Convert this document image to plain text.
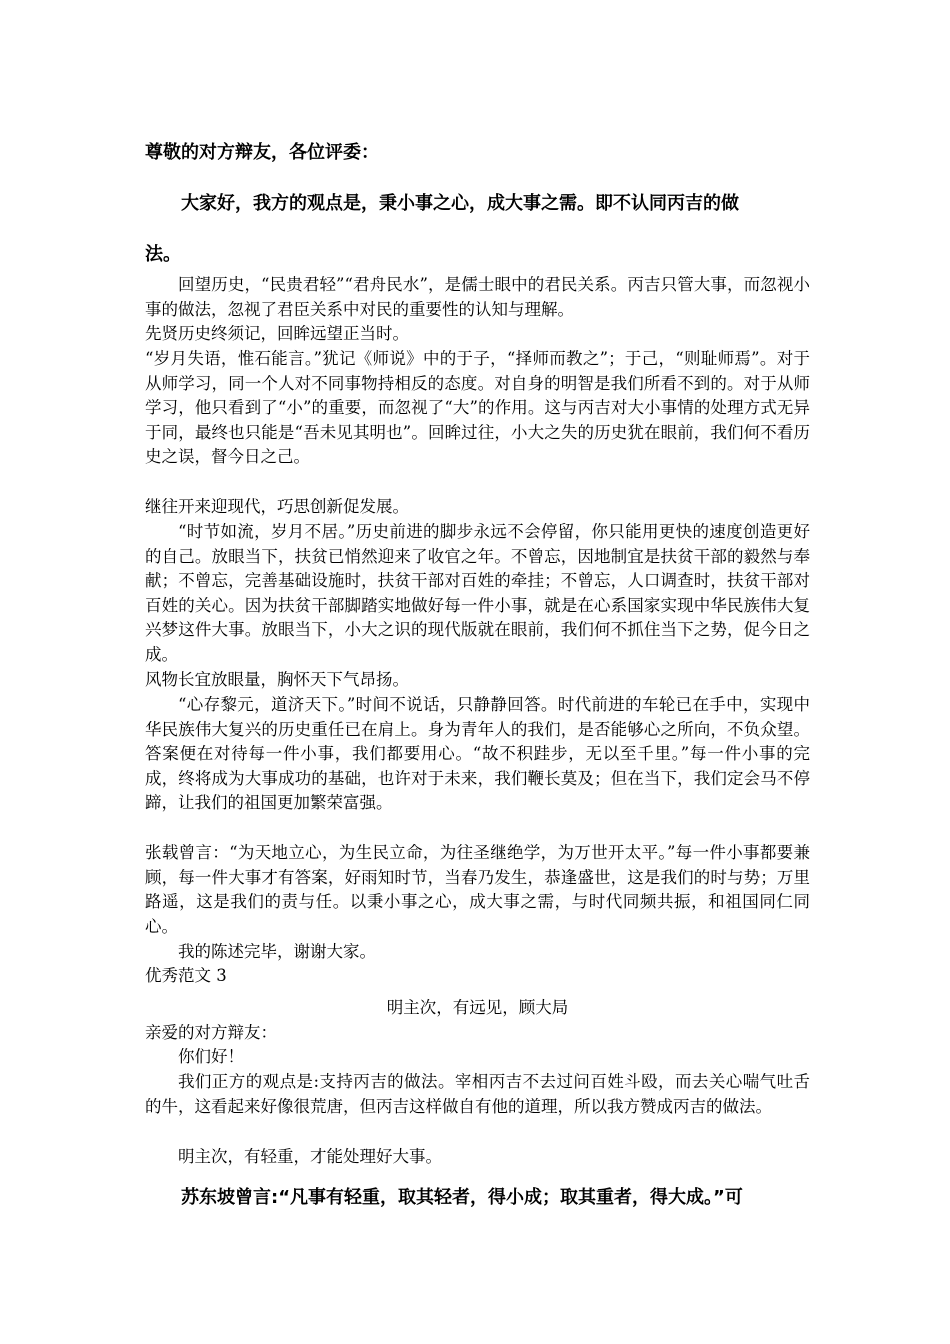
尊敬的对方辩友，各位评委：

大家好，我方的观点是，秉小事之心，成大事之需。即不认同丙吉的做

法。

回望历史，“民贵君轻”“君舟民水”，是儒士眼中的君民关系。丙吉只管大事，而忽视小事的做法，忽视了君臣关系中对民的重要性的认知与理解。

先贤历史终须记，回眸远望正当时。

“岁月失语，惟石能言。”犹记《师说》中的于子，“择师而教之”；于己，“则耻师焉”。对于从师学习，同一个人对不同事物持相反的态度。对自身的明智是我们所看不到的。对于从师学习，他只看到了“小”的重要，而忽视了“大”的作用。这与丙吉对大小事情的处理方式无异于同，最终也只能是“吾未见其明也”。回眸过往，小大之失的历史犹在眼前，我们何不看历史之误，督今日之己。

继往开来迎现代，巧思创新促发展。

“时节如流，岁月不居。”历史前进的脚步永远不会停留，你只能用更快的速度创造更好的自己。放眼当下，扶贫已悄然迎来了收官之年。不曾忘，因地制宜是扶贫干部的毅然与奉献；不曾忘，完善基础设施时，扶贫干部对百姓的牵挂；不曾忘，人口调查时，扶贫干部对百姓的关心。因为扶贫干部脚踏实地做好每一件小事，就是在心系国家实现中华民族伟大复兴梦这件大事。放眼当下，小大之识的现代版就在眼前，我们何不抓住当下之势，促今日之成。

风物长宜放眼量，胸怀天下气昂扬。

“心存黎元，道济天下。”时间不说话，只静静回答。时代前进的车轮已在手中，实现中华民族伟大复兴的历史重任已在肩上。身为青年人的我们，是否能够心之所向，不负众望。答案便在对待每一件小事，我们都要用心。“故不积跬步，无以至千里。”每一件小事的完成，终将成为大事成功的基础，也许对于未来，我们鞭长莫及；但在当下，我们定会马不停蹄，让我们的祖国更加繁荣富强。

张载曾言：“为天地立心，为生民立命，为往圣继绝学，为万世开太平。”每一件小事都要兼顾，每一件大事才有答案，好雨知时节，当春乃发生，恭逢盛世，这是我们的时与势；万里路遥，这是我们的责与任。以秉小事之心，成大事之需，与时代同频共振，和祖国同仁同心。

我的陈述完毕，谢谢大家。

优秀范文 3

明主次，有远见，顾大局

亲爱的对方辩友：

你们好！

我们正方的观点是:支持丙吉的做法。宰相丙吉不去过问百姓斗殴，而去关心喘气吐舌的牛，这看起来好像很荒唐，但丙吉这样做自有他的道理，所以我方赞成丙吉的做法。

明主次，有轻重，才能处理好大事。

苏东坡曾言:“凡事有轻重，取其轻者，得小成；取其重者，得大成。”可
